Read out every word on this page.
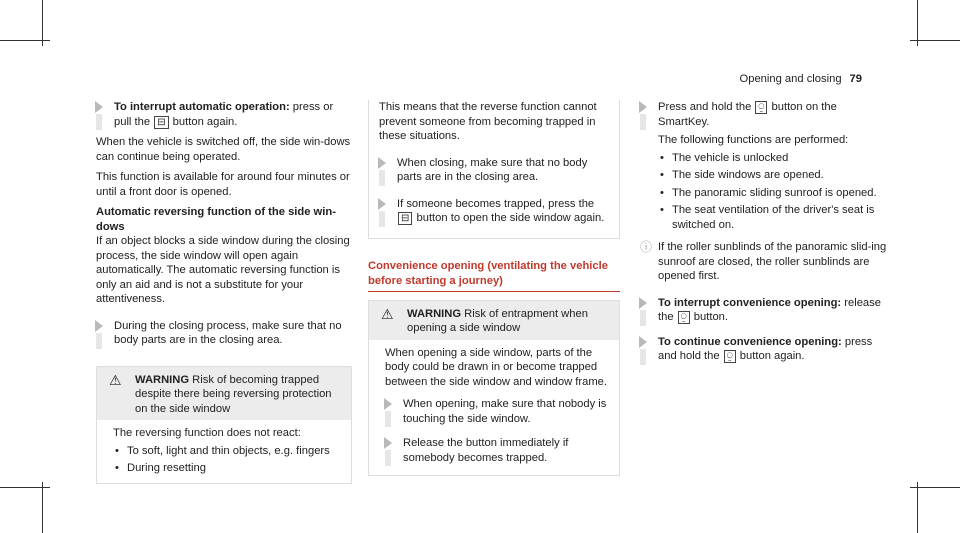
Opening and closing 79
To interrupt automatic operation: press or pull the ⊟ button again.

When the vehicle is switched off, the side win-dows can continue being operated.

This function is available for around four minutes or until a front door is opened.

Automatic reversing function of the side win-dows

If an object blocks a side window during the closing process, the side window will open again automatically. The automatic reversing function is only an aid and is not a substitute for your attentiveness.

During the closing process, make sure that no body parts are in the closing area.
⚠ WARNING Risk of becoming trapped despite there being reversing protection on the side window
The reversing function does not react:
• To soft, light and thin objects, e.g. fingers
• During resetting

This means that the reverse function cannot prevent someone from becoming trapped in these situations.

When closing, make sure that no body parts are in the closing area.
If someone becomes trapped, press the ⊟ button to open the side window again.
Convenience opening (ventilating the vehicle before starting a journey)
⚠ WARNING Risk of entrapment when opening a side window
When opening a side window, parts of the body could be drawn in or become trapped between the side window and window frame.
When opening, make sure that nobody is touching the side window.
Release the button immediately if somebody becomes trapped.
Press and hold the ⍜ button on the SmartKey.
The following functions are performed:
• The vehicle is unlocked
• The side windows are opened.
• The panoramic sliding sunroof is opened.
• The seat ventilation of the driver's seat is switched on.
ⓘ If the roller sunblinds of the panoramic slid-ing sunroof are closed, the roller sunblinds are opened first.
To interrupt convenience opening: release the ⍜ button.
To continue convenience opening: press and hold the ⍜ button again.
